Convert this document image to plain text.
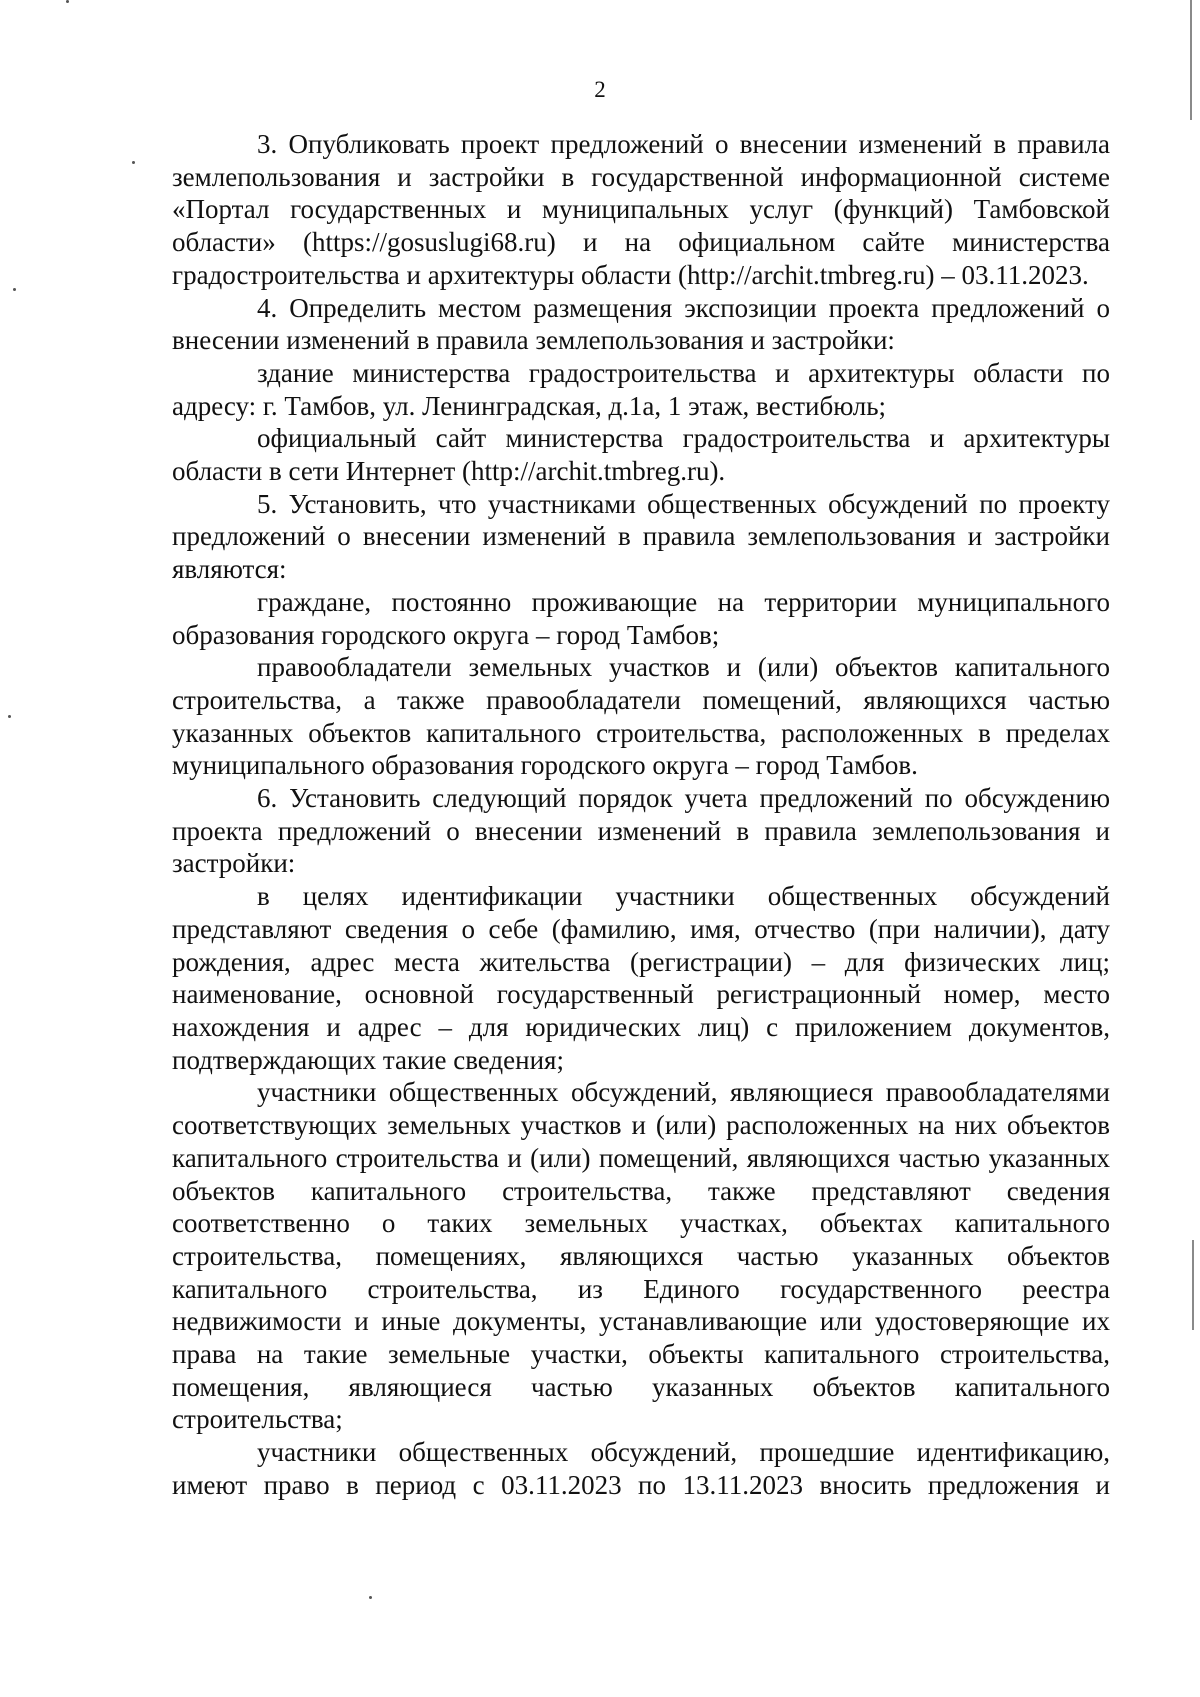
2

3. Опубликовать проект предложений о внесении изменений в правила землепользования и застройки в государственной информационной системе «Портал государственных и муниципальных услуг (функций) Тамбовской области» (https://gosuslugi68.ru) и на официальном сайте министерства градостроительства и архитектуры области (http://archit.tmbreg.ru) – 03.11.2023.

4. Определить местом размещения экспозиции проекта предложений о внесении изменений в правила землепользования и застройки:

здание министерства градостроительства и архитектуры области по адресу: г. Тамбов, ул. Ленинградская, д.1а, 1 этаж, вестибюль;

официальный сайт министерства градостроительства и архитектуры области в сети Интернет (http://archit.tmbreg.ru).

5. Установить, что участниками общественных обсуждений по проекту предложений о внесении изменений в правила землепользования и застройки являются:

граждане, постоянно проживающие на территории муниципального образования городского округа – город Тамбов;

правообладатели земельных участков и (или) объектов капитального строительства, а также правообладатели помещений, являющихся частью указанных объектов капитального строительства, расположенных в пределах муниципального образования городского округа – город Тамбов.

6. Установить следующий порядок учета предложений по обсуждению проекта предложений о внесении изменений в правила землепользования и застройки:

в целях идентификации участники общественных обсуждений представляют сведения о себе (фамилию, имя, отчество (при наличии), дату рождения, адрес места жительства (регистрации) – для физических лиц; наименование, основной государственный регистрационный номер, место нахождения и адрес – для юридических лиц) с приложением документов, подтверждающих такие сведения;

участники общественных обсуждений, являющиеся правообладателями соответствующих земельных участков и (или) расположенных на них объектов капитального строительства и (или) помещений, являющихся частью указанных объектов капитального строительства, также представляют сведения соответственно о таких земельных участках, объектах капитального строительства, помещениях, являющихся частью указанных объектов капитального строительства, из Единого государственного реестра недвижимости и иные документы, устанавливающие или удостоверяющие их права на такие земельные участки, объекты капитального строительства, помещения, являющиеся частью указанных объектов капитального строительства;

участники общественных обсуждений, прошедшие идентификацию, имеют право в период с 03.11.2023 по 13.11.2023 вносить предложения и
